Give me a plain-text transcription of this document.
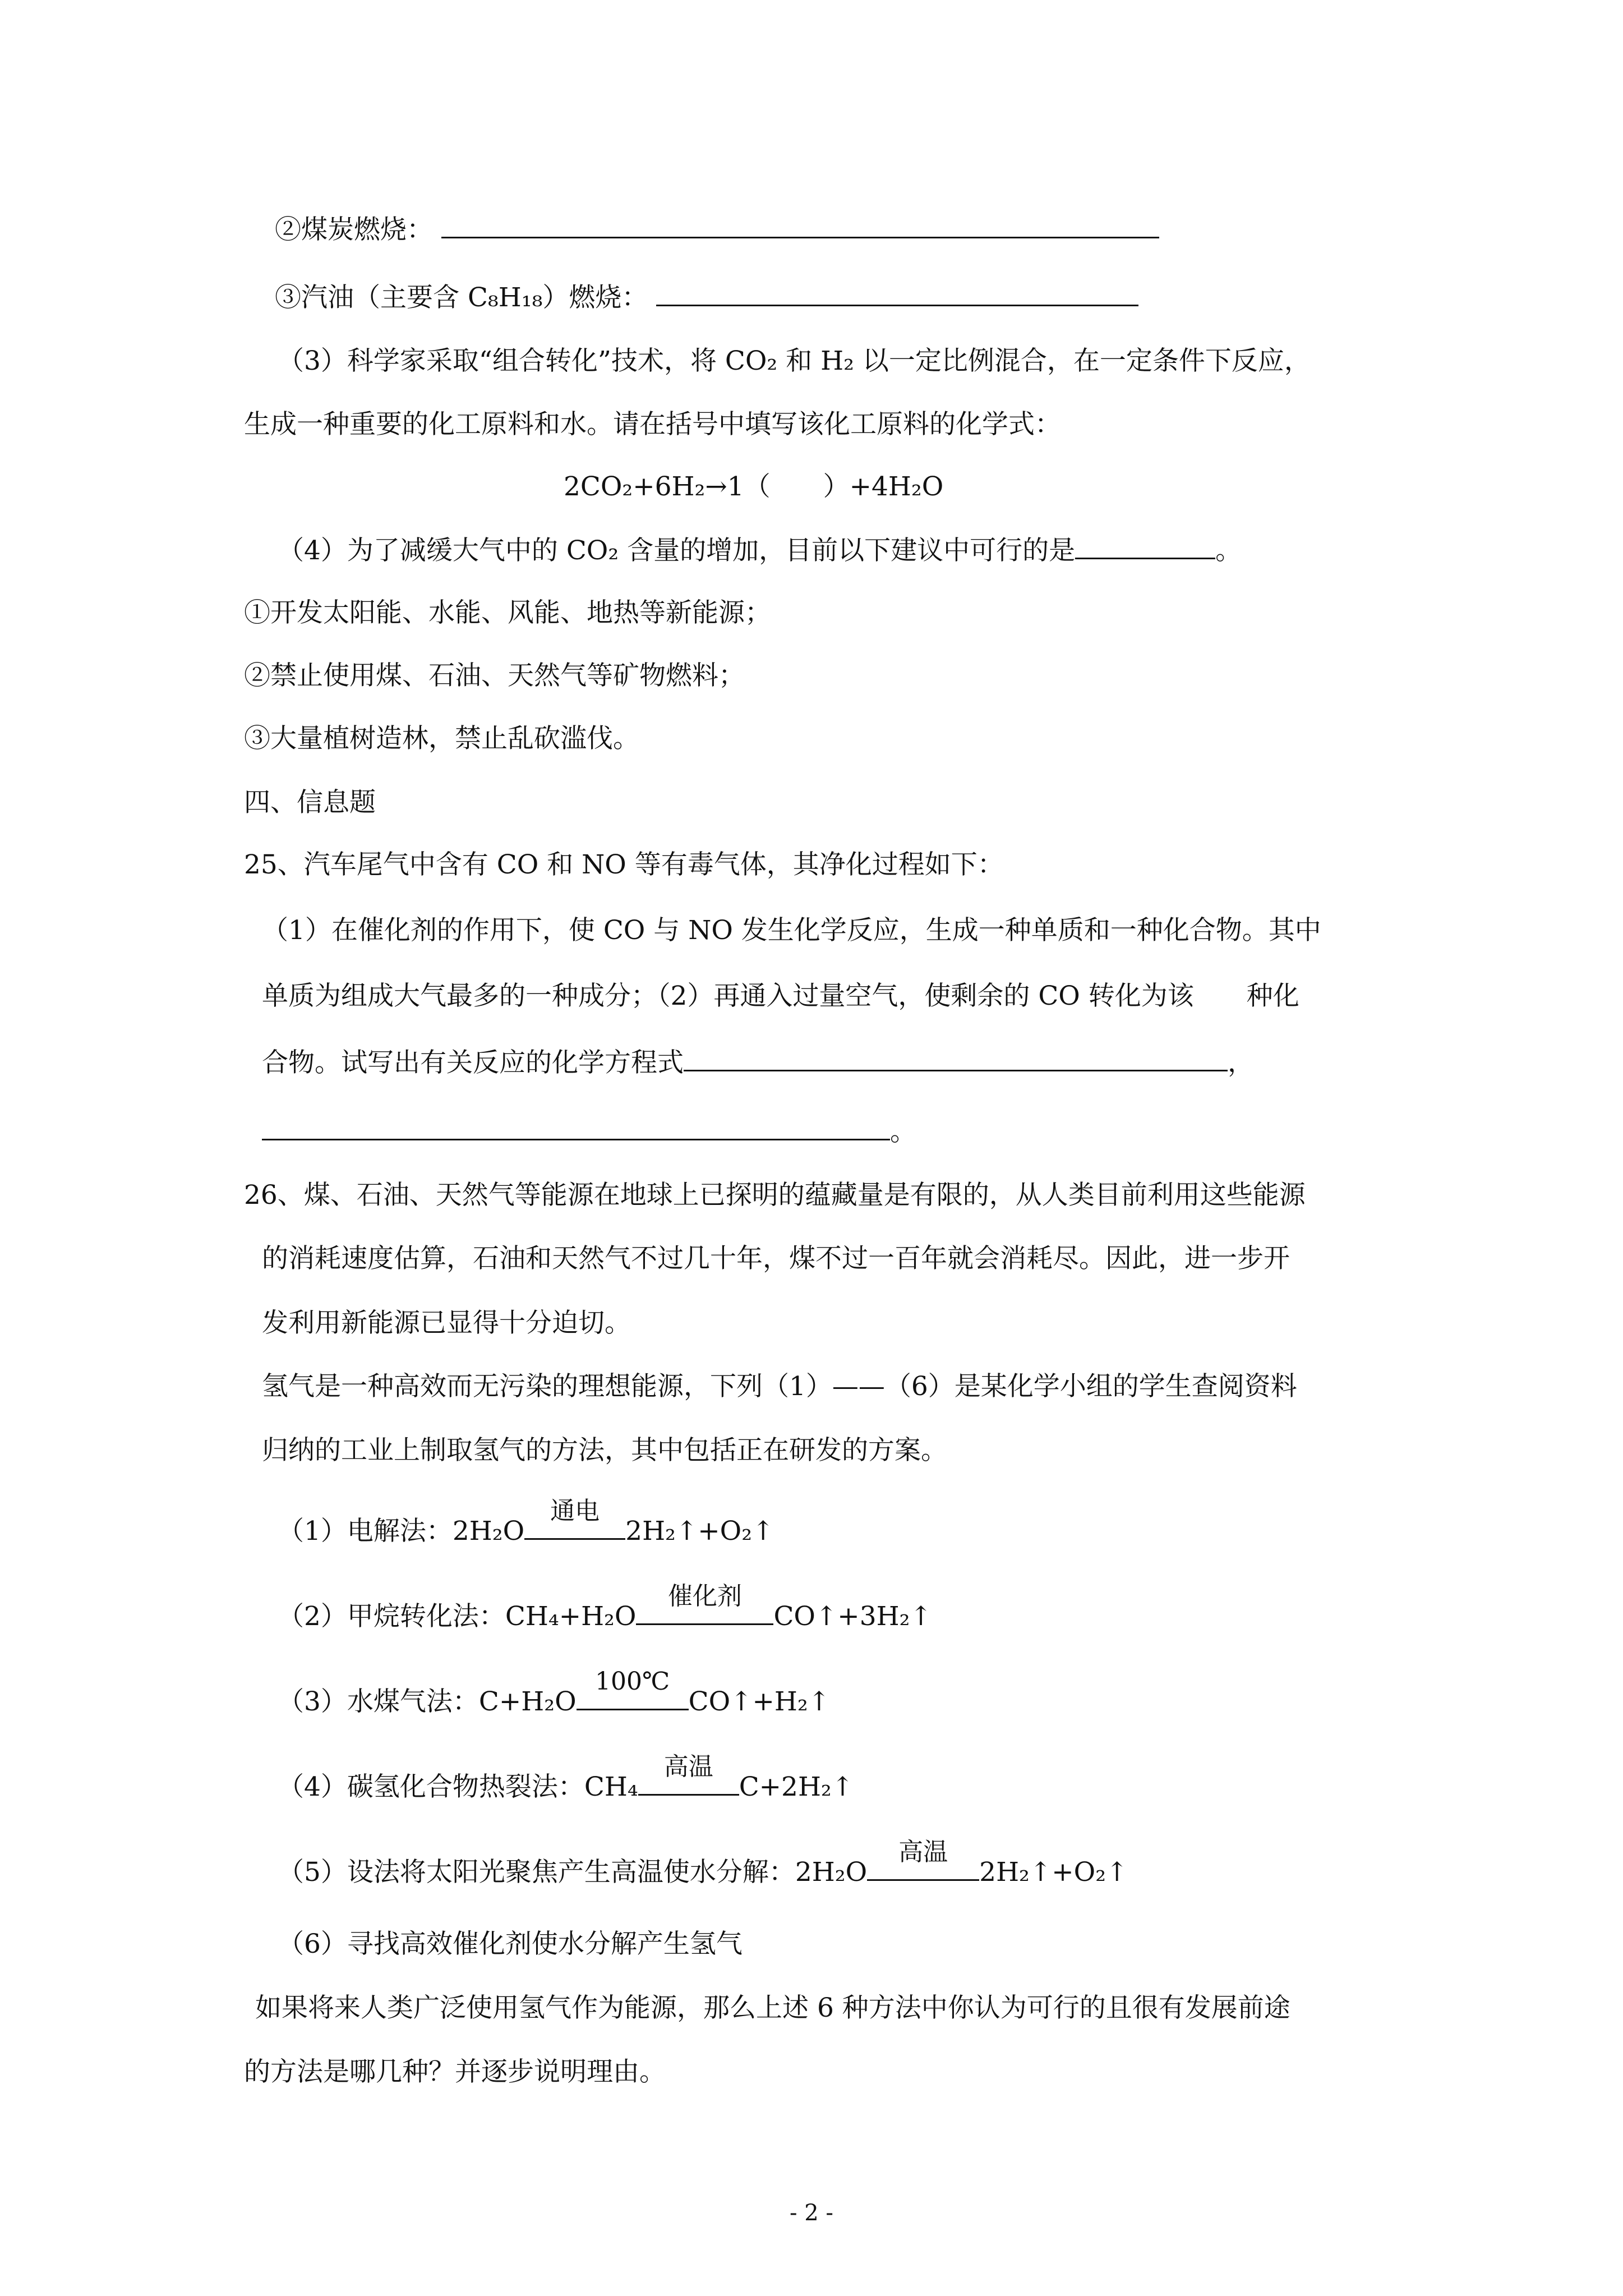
②煤炭燃烧：
③汽油（主要含 C₈H₁₈）燃烧：
（3）科学家采取“组合转化”技术，将 CO₂ 和 H₂ 以一定比例混合，在一定条件下反应，
生成一种重要的化工原料和水。请在括号中填写该化工原料的化学式：
2CO₂+6H₂→1（　　）+4H₂O
（4）为了减缓大气中的 CO₂ 含量的增加，目前以下建议中可行的是	。
①开发太阳能、水能、风能、地热等新能源；
②禁止使用煤、石油、天然气等矿物燃料；
③大量植树造林，禁止乱砍滥伐。
四、信息题
25、汽车尾气中含有 CO 和 NO 等有毒气体，其净化过程如下：
（1）在催化剂的作用下，使 CO 与 NO 发生化学反应，生成一种单质和一种化合物。其中
单质为组成大气最多的一种成分；（2）再通入过量空气，使剩余的 CO 转化为该　　种化
合物。试写出有关反应的化学方程式	，
。
26、煤、石油、天然气等能源在地球上已探明的蕴藏量是有限的，从人类目前利用这些能源
的消耗速度估算，石油和天然气不过几十年，煤不过一百年就会消耗尽。因此，进一步开
发利用新能源已显得十分迫切。
氢气是一种高效而无污染的理想能源，下列（1）——（6）是某化学小组的学生查阅资料
归纳的工业上制取氢气的方法，其中包括正在研发的方案。
（1）电解法：2H₂O
通电
2H₂↑+O₂↑
（2）甲烷转化法：CH₄+H₂O
催化剂
CO↑+3H₂↑
（3）水煤气法：C+H₂O
100℃
CO↑+H₂↑
（4）碳氢化合物热裂法：CH₄
高温
C+2H₂↑
（5）设法将太阳光聚焦产生高温使水分解：2H₂O
高温
2H₂↑+O₂↑
（6）寻找高效催化剂使水分解产生氢气
如果将来人类广泛使用氢气作为能源，那么上述 6 种方法中你认为可行的且很有发展前途
的方法是哪几种？并逐步说明理由。
- 2 -
